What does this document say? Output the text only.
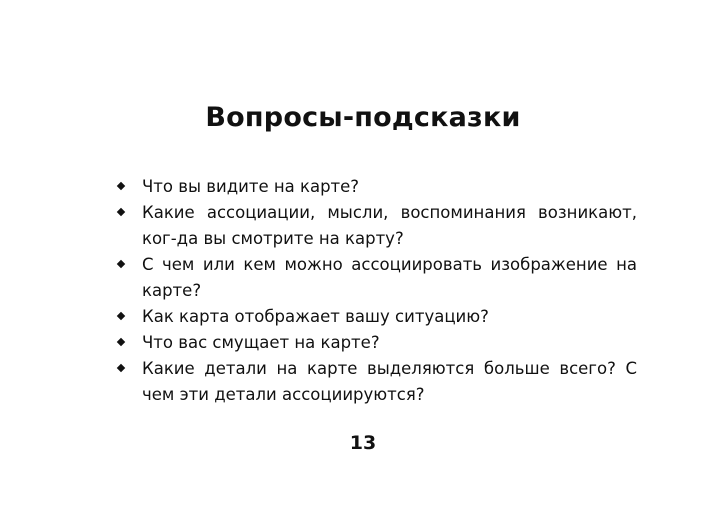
Вопросы-подсказки
Что вы видите на карте?
Какие ассоциации, мысли, воспоминания возникают, ког-да вы смотрите на карту?
С чем или кем можно ассоциировать изображение на карте?
Как карта отображает вашу ситуацию?
Что вас смущает на карте?
Какие детали на карте выделяются больше всего? С чем эти детали ассоциируются?
13
